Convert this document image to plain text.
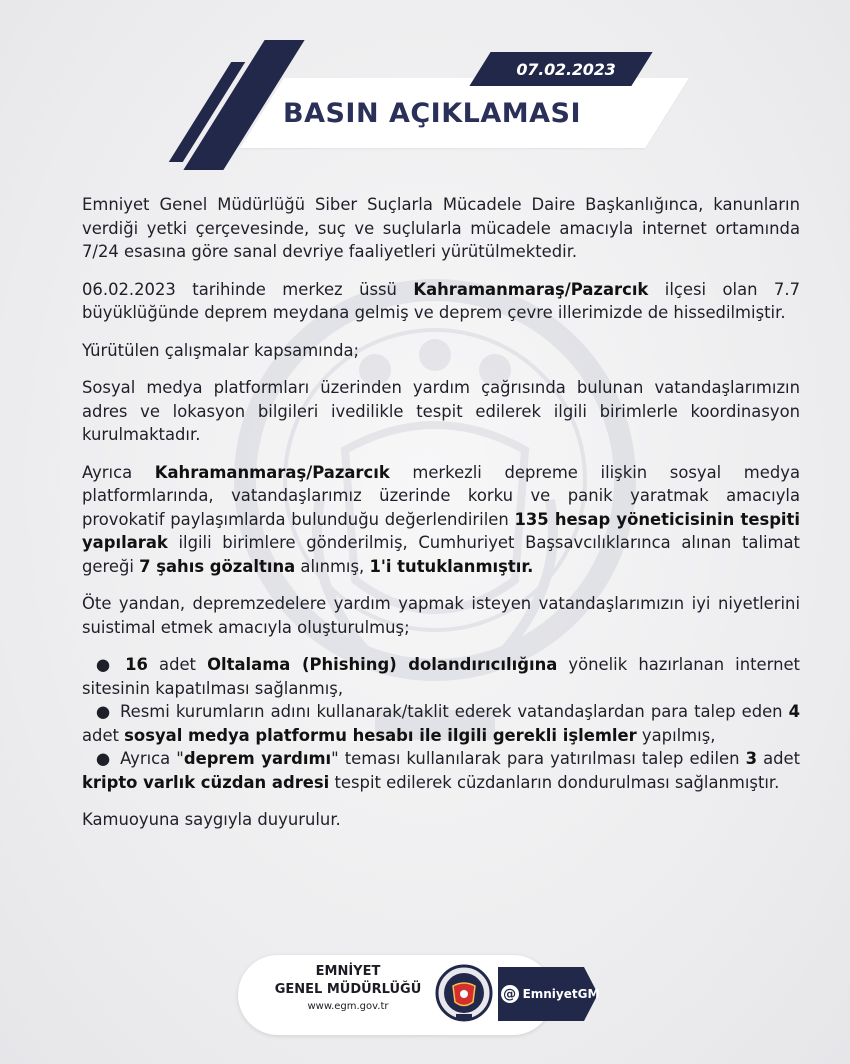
07.02.2023
BASIN AÇIKLAMASI

Emniyet Genel Müdürlüğü Siber Suçlarla Mücadele Daire Başkanlığınca, kanunların verdiği yetki çerçevesinde, suç ve suçlularla mücadele amacıyla internet ortamında 7/24 esasına göre sanal devriye faaliyetleri yürütülmektedir.

06.02.2023 tarihinde merkez üssü Kahramanmaraş/Pazarcık ilçesi olan 7.7 büyüklüğünde deprem meydana gelmiş ve deprem çevre illerimizde de hissedilmiştir.

Yürütülen çalışmalar kapsamında;

Sosyal medya platformları üzerinden yardım çağrısında bulunan vatandaşlarımızın adres ve lokasyon bilgileri ivedilikle tespit edilerek ilgili birimlerle koordinasyon kurulmaktadır.

Ayrıca Kahramanmaraş/Pazarcık merkezli depreme ilişkin sosyal medya platformlarında, vatandaşlarımız üzerinde korku ve panik yaratmak amacıyla provokatif paylaşımlarda bulunduğu değerlendirilen 135 hesap yöneticisinin tespiti yapılarak ilgili birimlere gönderilmiş, Cumhuriyet Başsavcılıklarınca alınan talimat gereği 7 şahıs gözaltına alınmış, 1'i tutuklanmıştır.

Öte yandan, depremzedelere yardım yapmak isteyen vatandaşlarımızın iyi niyetlerini suistimal etmek amacıyla oluşturulmuş;

● 16 adet Oltalama (Phishing) dolandırıcılığına yönelik hazırlanan internet sitesinin kapatılması sağlanmış,
● Resmi kurumların adını kullanarak/taklit ederek vatandaşlardan para talep eden 4 adet sosyal medya platformu hesabı ile ilgili gerekli işlemler yapılmış,
● Ayrıca "deprem yardımı" teması kullanılarak para yatırılması talep edilen 3 adet kripto varlık cüzdan adresi tespit edilerek cüzdanların dondurulması sağlanmıştır.

Kamuoyuna saygıyla duyurulur.

EMNİYET
GENEL MÜDÜRLÜĞÜ
www.egm.gov.tr
@ EmniyetGM
